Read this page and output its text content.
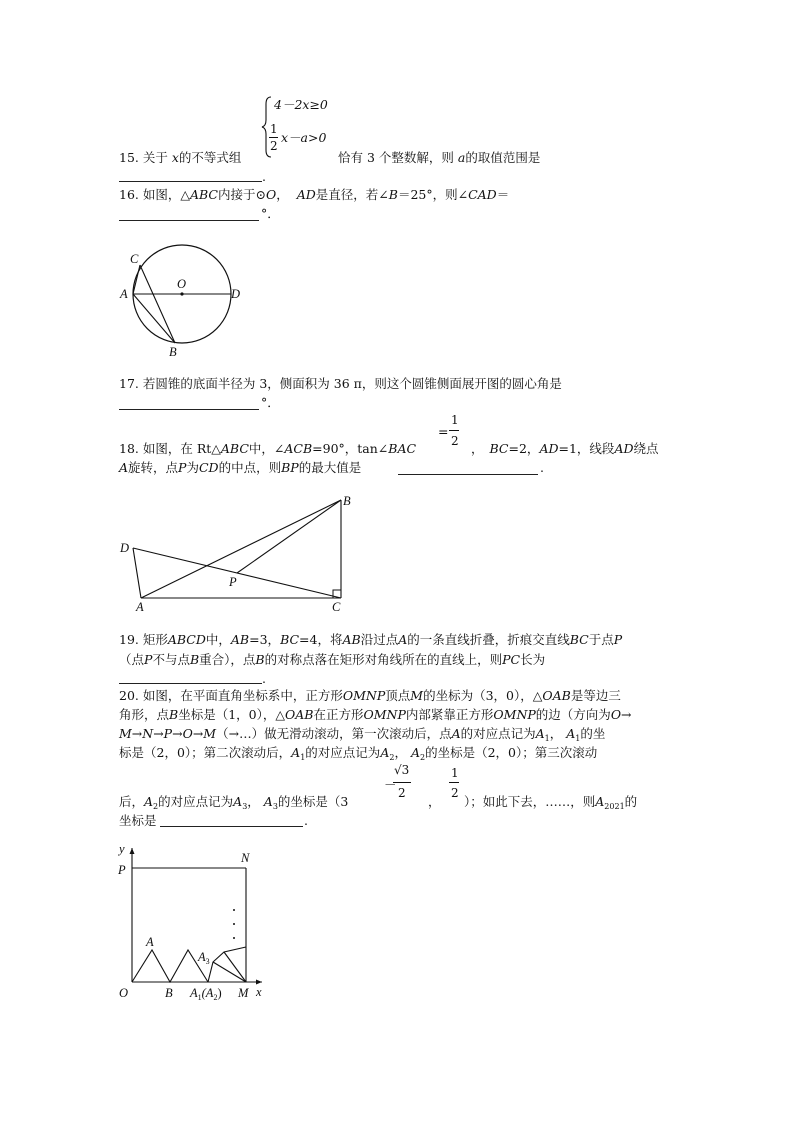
4－2x≥0
1
2
x－a>0
15. 关于 x的不等式组	恰有 3 个整数解，则 a的取值范围是
.
16. 如图，△ABC内接于⊙O， AD是直径，若∠B＝25°，则∠CAD＝
°．
C
A
O
D
B
17. 若圆锥的底面半径为 3，侧面积为 36 π，则这个圆锥侧面展开图的圆心角是
°．
=
1
2
18. 如图，在 Rt△ABC中，∠ACB=90°，tan∠BAC	， BC=2，AD=1，线段AD绕点
A旋转，点P为CD的中点，则BP的最大值是	.
B
D
P
A	C
19. 矩形ABCD中，AB=3，BC=4，将AB沿过点A的一条直线折叠，折痕交直线BC于点P
（点P不与点B重合），点B的对称点落在矩形对角线所在的直线上，则PC长为
.
20. 如图，在平面直角坐标系中，正方形OMNP顶点M的坐标为（3，0），△OAB是等边三
角形，点B坐标是（1，0），△OAB在正方形OMNP内部紧靠正方形OMNP的边（方向为O→
M→N→P→O→M（→…）做无滑动滚动，第一次滚动后，点A的对应点记为$A_1$， $A_1$的坐
标是（2，0）；第二次滚动后，$A_1$的对应点记为$A_2$， $A_2$的坐标是（2，0）；第三次滚动
－
√3
2
1
2
后，$A_2$的对应点记为$A_3$， $A_3$的坐标是（3	， ）；如此下去，……，则$A_{2021}$的
坐标是	.
y
P
N
A
$A_3$
O	B $A_1(A_2)$ M x
